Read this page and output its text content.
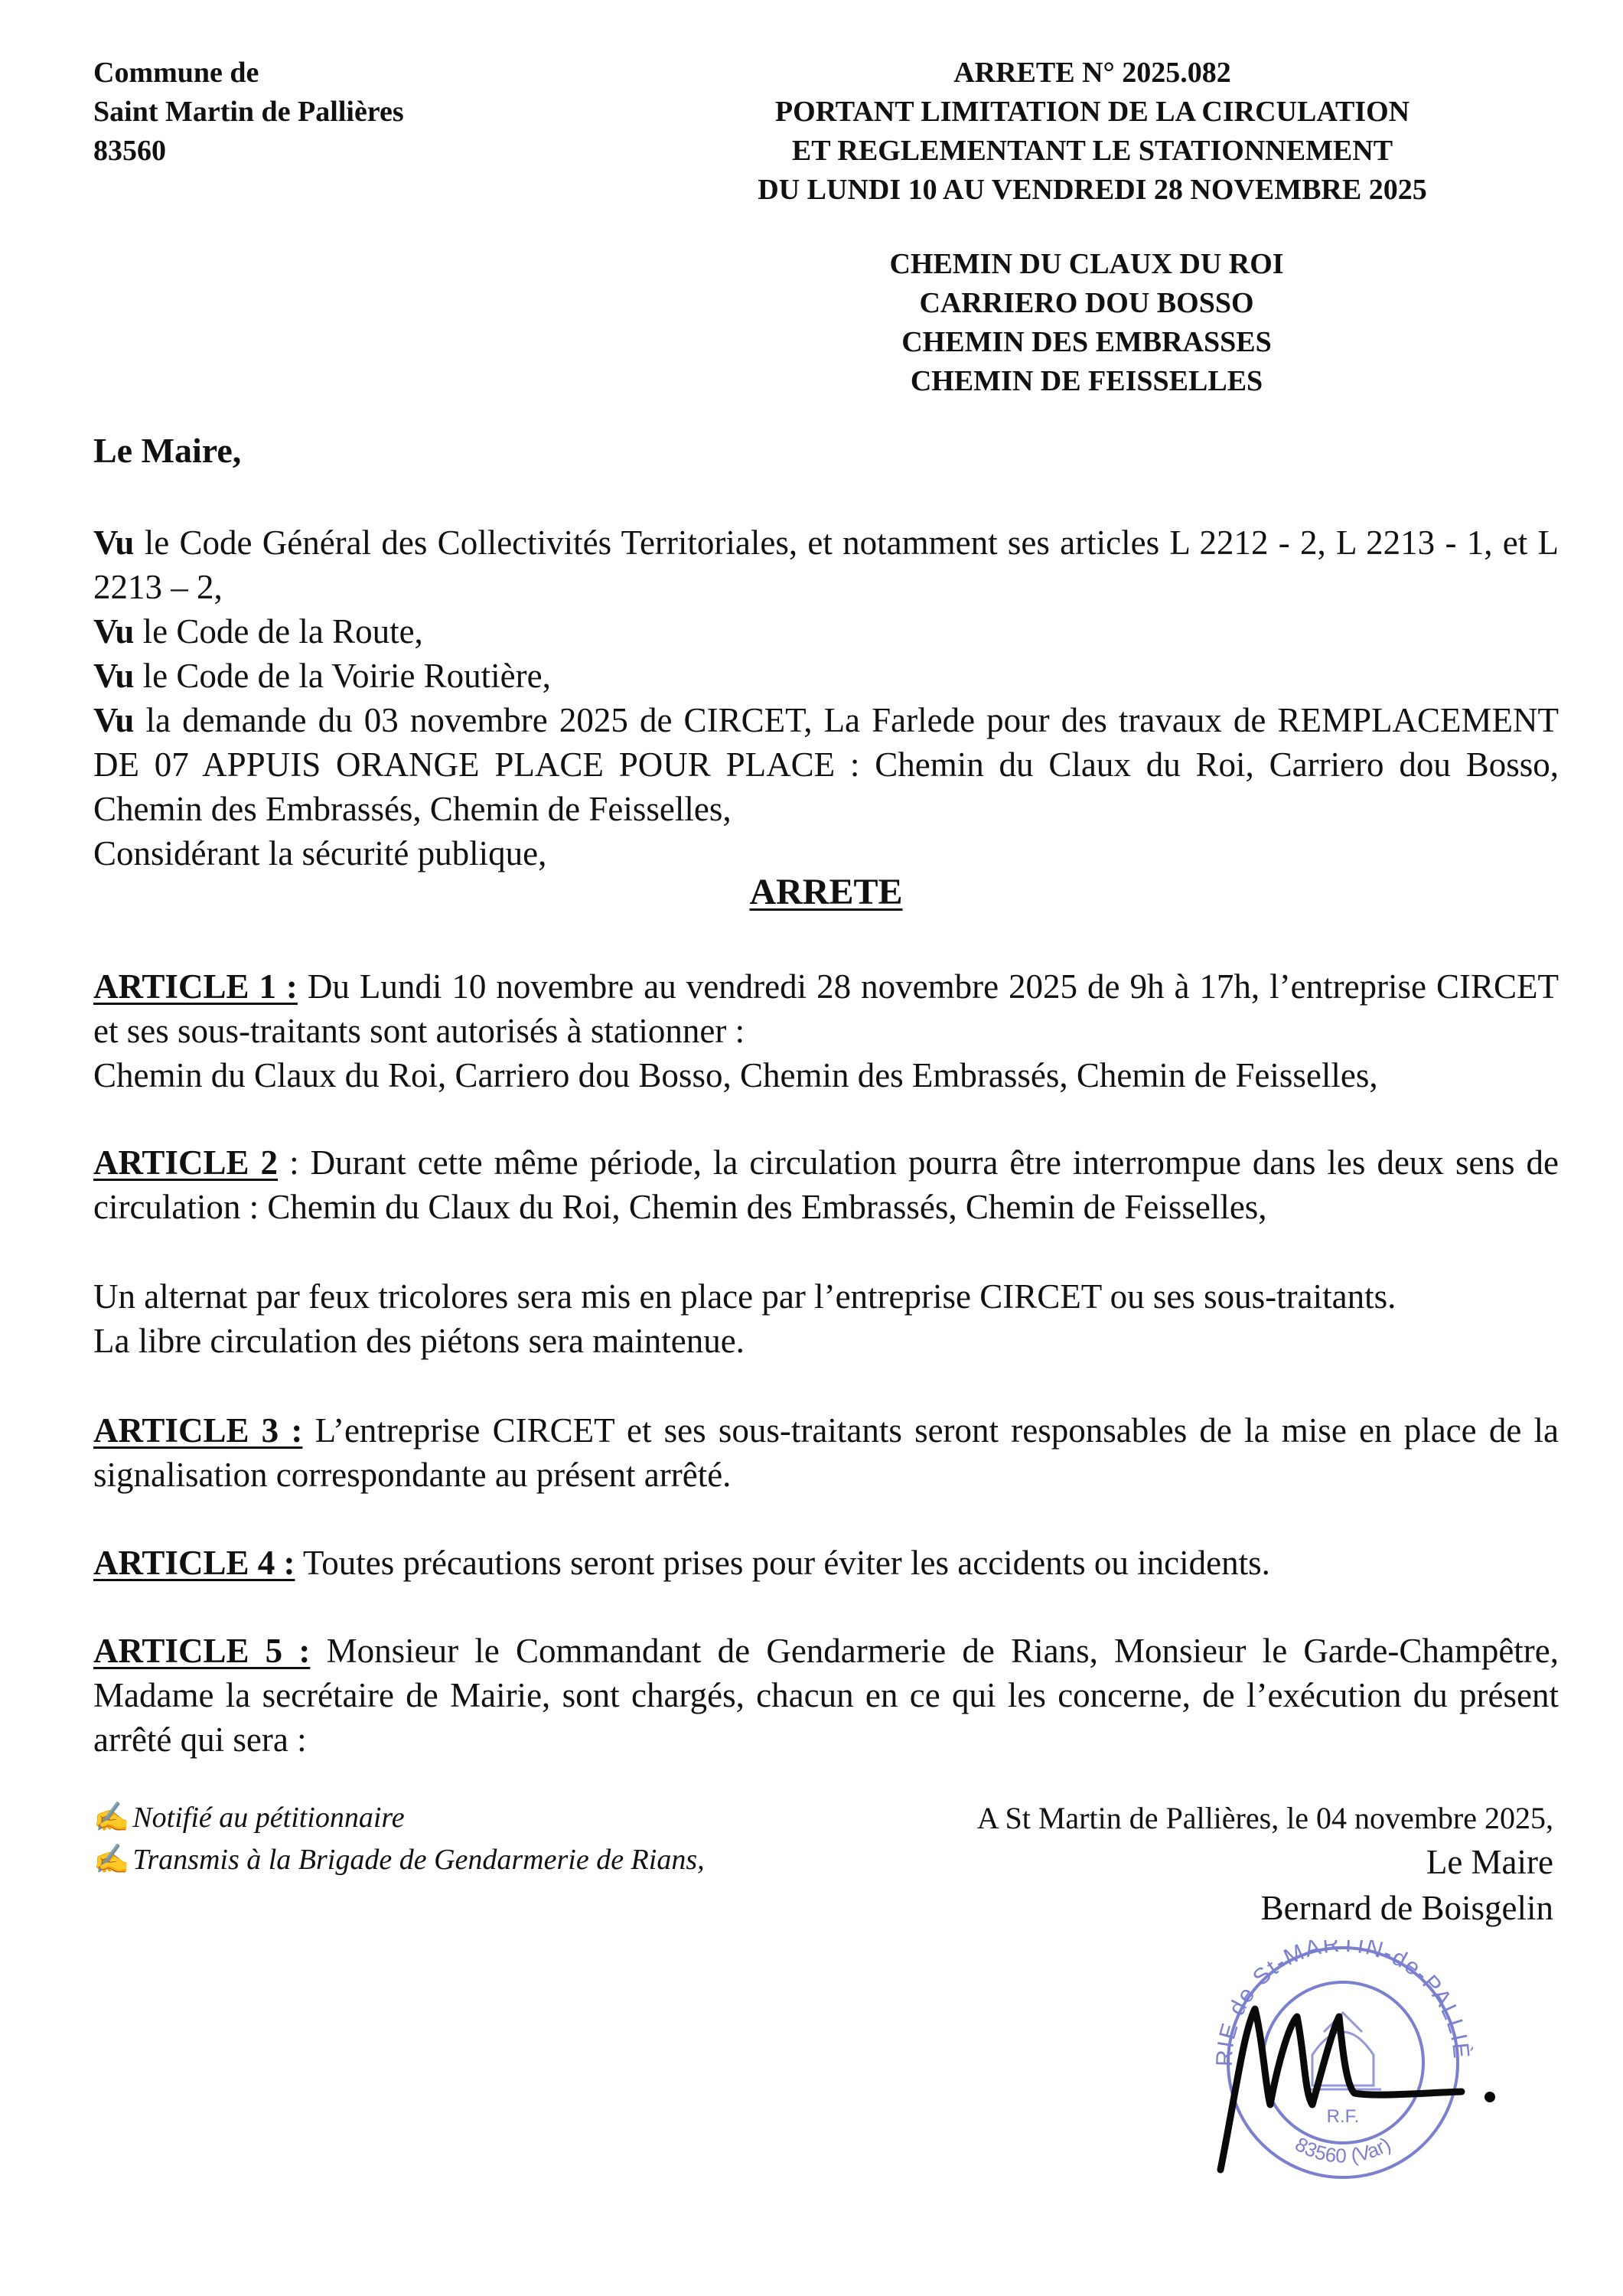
Commune de
Saint Martin de Pallières
83560
ARRETE N° 2025.082
PORTANT LIMITATION DE LA CIRCULATION
ET REGLEMENTANT LE STATIONNEMENT
DU LUNDI 10 AU VENDREDI 28 NOVEMBRE 2025
CHEMIN DU CLAUX DU ROI
CARRIERO DOU BOSSO
CHEMIN DES EMBRASSES
CHEMIN DE FEISSELLES
Le Maire,

Vu le Code Général des Collectivités Territoriales, et notamment ses articles L 2212 - 2, L 2213 - 1, et L 2213 – 2,

Vu le Code de la Route,

Vu le Code de la Voirie Routière,

Vu la demande du 03 novembre 2025 de CIRCET, La Farlede pour des travaux de REMPLACEMENT DE 07 APPUIS ORANGE PLACE POUR PLACE : Chemin du Claux du Roi, Carriero dou Bosso, Chemin des Embrassés, Chemin de Feisselles,

Considérant la sécurité publique,

ARRETE

ARTICLE 1 : Du Lundi 10 novembre au vendredi 28 novembre 2025 de 9h à 17h, l’entreprise CIRCET et ses sous-traitants sont autorisés à stationner :

Chemin du Claux du Roi, Carriero dou Bosso, Chemin des Embrassés, Chemin de Feisselles,

ARTICLE 2 : Durant cette même période, la circulation pourra être interrompue dans les deux sens de circulation : Chemin du Claux du Roi, Chemin des Embrassés, Chemin de Feisselles,

Un alternat par feux tricolores sera mis en place par l’entreprise CIRCET ou ses sous-traitants.

La libre circulation des piétons sera maintenue.

ARTICLE 3 : L’entreprise CIRCET et ses sous-traitants seront responsables de la mise en place de la signalisation correspondante au présent arrêté.

ARTICLE 4 : Toutes précautions seront prises pour éviter les accidents ou incidents.

ARTICLE 5 : Monsieur le Commandant de Gendarmerie de Rians, Monsieur le Garde-Champêtre, Madame la secrétaire de Mairie, sont chargés, chacun en ce qui les concerne, de l’exécution du présent arrêté qui sera :

✍ Notifié au pétitionnaire
✍ Transmis à la Brigade de Gendarmerie de Rians,
A St Martin de Pallières, le 04 novembre 2025,
Le Maire
Bernard de Boisgelin
RIE de St-MARTIN-de-PALLIÈ
R.F.
83560 (Var)
